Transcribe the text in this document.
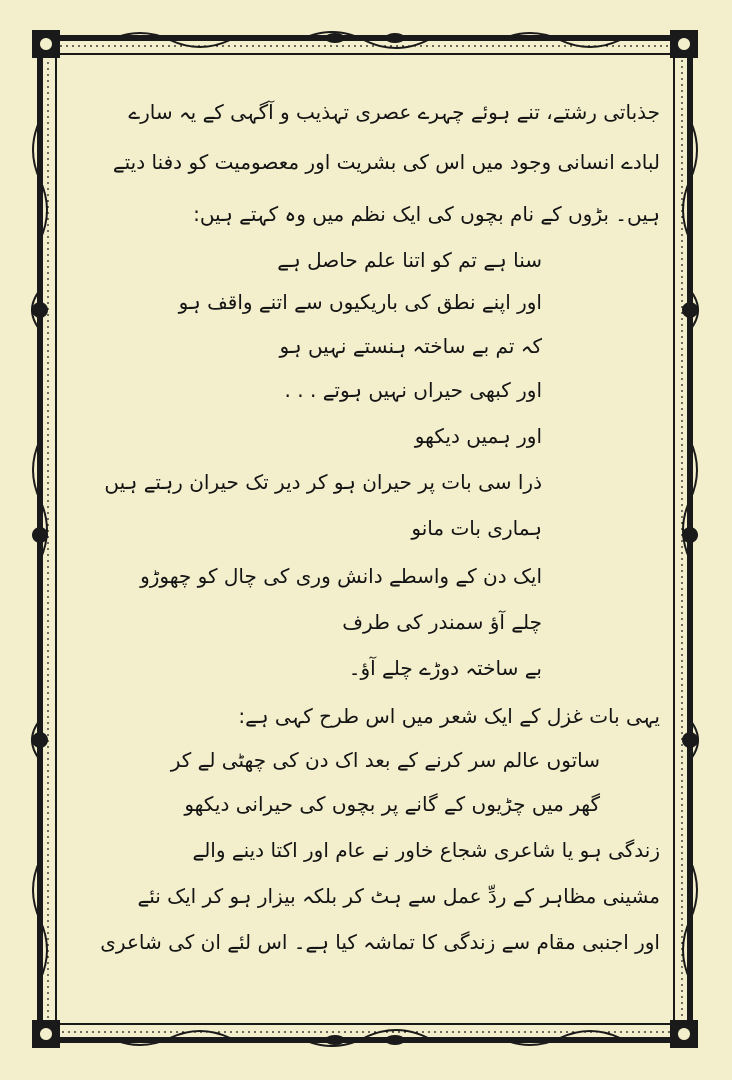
جذباتی رشتے، تنے ہوئے چہرے عصری تہذیب و آگہی کے یہ سارے
لبادے انسانی وجود میں اس کی بشریت اور معصومیت کو دفنا دیتے
ہیں۔ بڑوں کے نام بچوں کی ایک نظم میں وہ کہتے ہیں:
سنا ہے تم کو اتنا علم حاصل ہے
اور اپنے نطق کی باریکیوں سے اتنے واقف ہو
کہ تم بے ساختہ ہنستے نہیں ہو
اور کبھی حیراں نہیں ہوتے . . .
اور ہمیں دیکھو
ذرا سی بات پر حیران ہو کر دیر تک حیران رہتے ہیں
ہماری بات مانو
ایک دن کے واسطے دانش وری کی چال کو چھوڑو
چلے آؤ سمندر کی طرف
بے ساختہ دوڑے چلے آؤ۔
یہی بات غزل کے ایک شعر میں اس طرح کہی ہے:
ساتوں عالم سر کرنے کے بعد اک دن کی چھٹی لے کر
گھر میں چڑیوں کے گانے پر بچوں کی حیرانی دیکھو
زندگی ہو یا شاعری شجاع خاور نے عام اور اکتا دینے والے
مشینی مظاہر کے ردِّ عمل سے ہٹ کر بلکہ بیزار ہو کر ایک نئے
اور اجنبی مقام سے زندگی کا تماشہ کیا ہے۔ اس لئے ان کی شاعری
